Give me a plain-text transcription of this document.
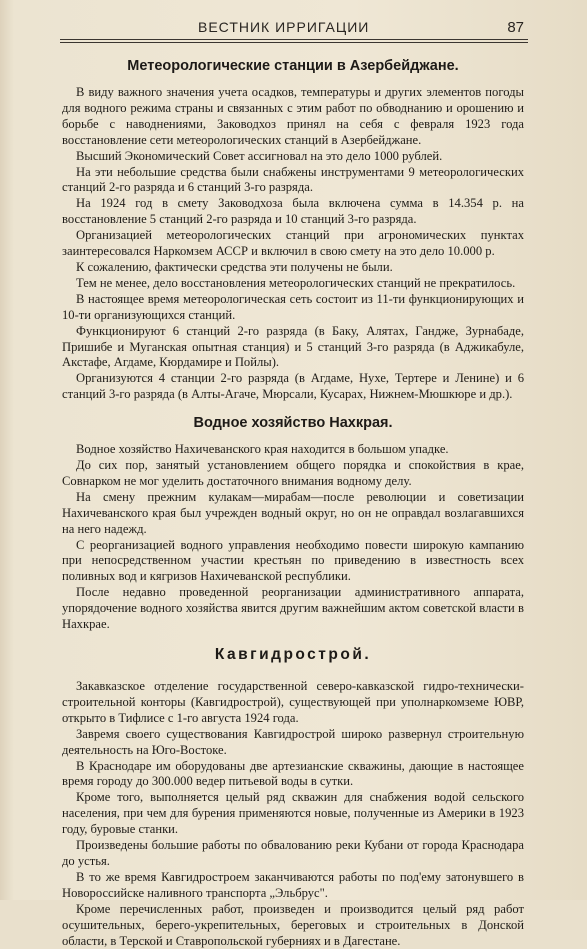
ВЕСТНИК ИРРИГАЦИИ	87
Метеорологические станции в Азербейджане.

В виду важного значения учета осадков, температуры и других элементов погоды для водного режима страны и связанных с этим работ по обводнанию и орошению и борьбе с наводнениями, Заководхоз принял на себя с февраля 1923 года восстановление сети метеорологических станций в Азербейджане.

Высший Экономический Совет ассигновал на это дело 1000 рублей.

На эти небольшие средства были снабжены инструментами 9 метеорологических станций 2-го разряда и 6 станций 3-го разряда.

На 1924 год в смету Заководхоза была включена сумма в 14.354 р. на восстановление 5 станций 2-го разряда и 10 станций 3-го разряда.

Организацией метеорологических станций при агрономических пунктах заинтересовался Наркомзем АССР и включил в свою смету на это дело 10.000 р.

К сожалению, фактически средства эти получены не были.

Тем не менее, дело восстановления метеорологических станций не прекратилось.

В настоящее время метеорологическая сеть состоит из 11-ти функционирующих и 10-ти организующихся станций.

Функционируют 6 станций 2-го разряда (в Баку, Алятах, Гандже, Зурнабаде, Пришибе и Муганская опытная станция) и 5 станций 3-го разряда (в Аджикабуле, Акстафе, Агдаме, Кюрдамире и Пойлы).

Организуются 4 станции 2-го разряда (в Агдаме, Нухе, Тертере и Ленине) и 6 станций 3-го разряда (в Алты-Агаче, Мюрсали, Кусарах, Нижнем-Мюшкюре и др.).

Водное хозяйство Нахкрая.

Водное хозяйство Нахичеванского края находится в большом упадке.

До сих пор, занятый установлением общего порядка и спокойствия в крае, Совнарком не мог уделить достаточного внимания водному делу.

На смену прежним кулакам—мирабам—после революции и советизации Нахичеванского края был учрежден водный округ, но он не оправдал возлагавшихся на него надежд.

С реорганизацией водного управления необходимо повести широкую кампанию при непосредственном участии крестьян по приведению в известность всех поливных вод и кягризов Нахичеванской республики.

После недавно проведенной реорганизации административного аппарата, упорядочение водного хозяйства явится другим важнейшим актом советской власти в Нахкрае.

Кавгидрострой.

Закавказское отделение государственной северо-кавказской гидро-технически-строительной конторы (Кавгидрострой), существующей при уполнаркомземе ЮВР, открыто в Тифлисе с 1-го августа 1924 года.

Завремя своего существования Кавгидрострой широко развернул строительную деятельность на Юго-Востоке.

В Краснодаре им оборудованы две артезианские скважины, дающие в настоящее время городу до 300.000 ведер питьевой воды в сутки.

Кроме того, выполняется целый ряд скважин для снабжения водой сельского населения, при чем для бурения применяются новые, полученные из Америки в 1923 году, буровые станки.

Произведены большие работы по обвалованию реки Кубани от города Краснодара до устья.

В то же время Кавгидростроем заканчиваются работы по под'ему затонувшего в Новороссийске наливного транспорта „Эльбрус".

Кроме перечисленных работ, произведен и производится целый ряд работ осушительных, берего-укрепительных, береговых и строительных в Донской области, в Терской и Ставропольской губерниях и в Дагестане.
